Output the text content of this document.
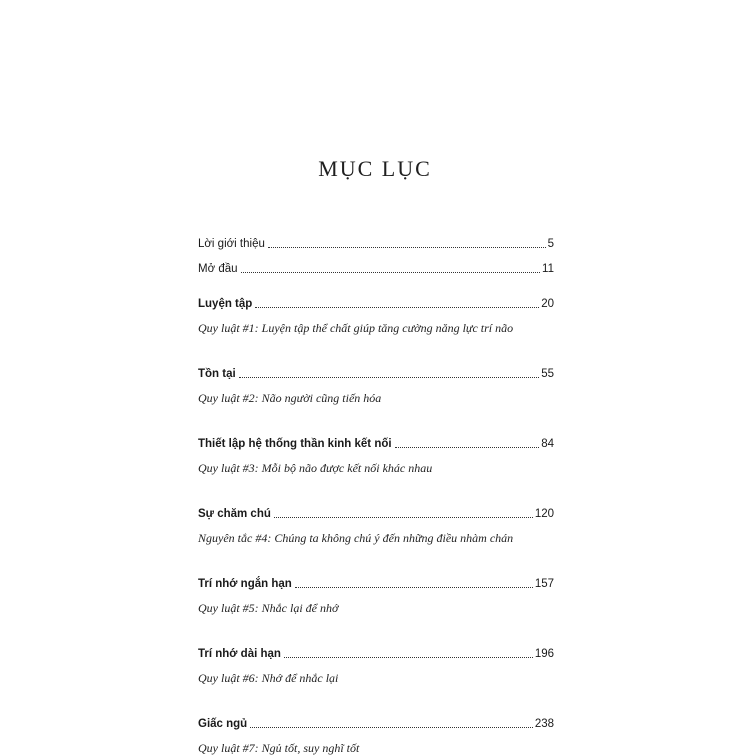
MỤC LỤC
Lời giới thiệu	5
Mở đầu	11
Luyện tập	20
Quy luật #1: Luyện tập thể chất giúp tăng cường năng lực trí não
Tồn tại	55
Quy luật #2: Não người cũng tiến hóa
Thiết lập hệ thống thần kinh kết nối	84
Quy luật #3: Mỗi bộ não được kết nối khác nhau
Sự chăm chú	120
Nguyên tắc #4: Chúng ta không chú ý đến những điều nhàm chán
Trí nhớ ngắn hạn	157
Quy luật #5: Nhắc lại để nhớ
Trí nhớ dài hạn	196
Quy luật #6: Nhớ để nhắc lại
Giấc ngủ	238
Quy luật #7: Ngủ tốt, suy nghĩ tốt
